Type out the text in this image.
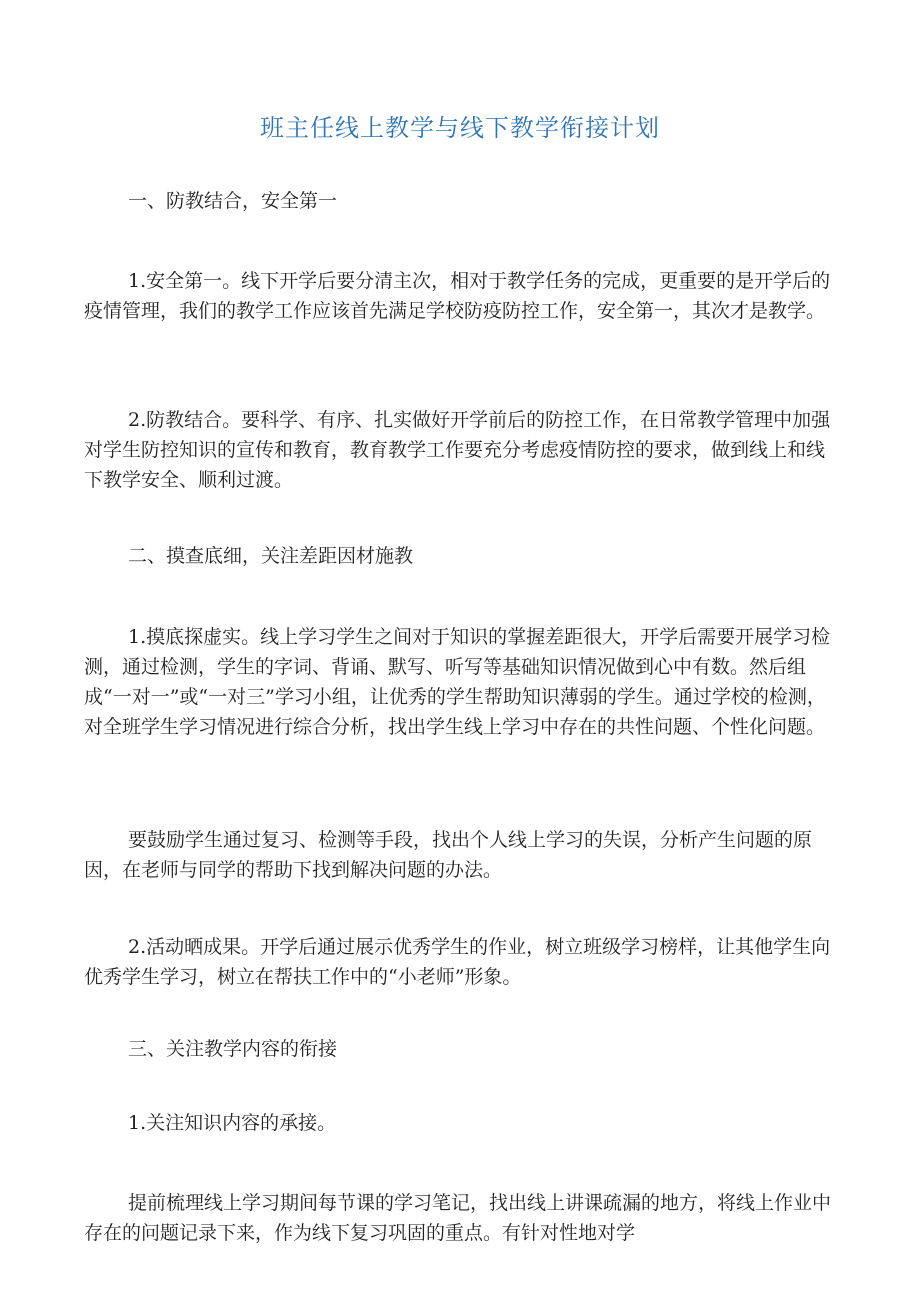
班主任线上教学与线下教学衔接计划

一、防教结合，安全第一

1.安全第一。线下开学后要分清主次，相对于教学任务的完成，更重要的是开学后的疫情管理，我们的教学工作应该首先满足学校防疫防控工作，安全第一，其次才是教学。

2.防教结合。要科学、有序、扎实做好开学前后的防控工作，在日常教学管理中加强对学生防控知识的宣传和教育，教育教学工作要充分考虑疫情防控的要求，做到线上和线下教学安全、顺利过渡。

二、摸查底细，关注差距因材施教

1.摸底探虚实。线上学习学生之间对于知识的掌握差距很大，开学后需要开展学习检测，通过检测，学生的字词、背诵、默写、听写等基础知识情况做到心中有数。然后组成“一对一”或“一对三”学习小组，让优秀的学生帮助知识薄弱的学生。通过学校的检测，对全班学生学习情况进行综合分析，找出学生线上学习中存在的共性问题、个性化问题。

要鼓励学生通过复习、检测等手段，找出个人线上学习的失误，分析产生问题的原因，在老师与同学的帮助下找到解决问题的办法。

2.活动晒成果。开学后通过展示优秀学生的作业，树立班级学习榜样，让其他学生向优秀学生学习，树立在帮扶工作中的“小老师”形象。

三、关注教学内容的衔接

1.关注知识内容的承接。

提前梳理线上学习期间每节课的学习笔记，找出线上讲课疏漏的地方，将线上作业中存在的问题记录下来，作为线下复习巩固的重点。有针对性地对学
